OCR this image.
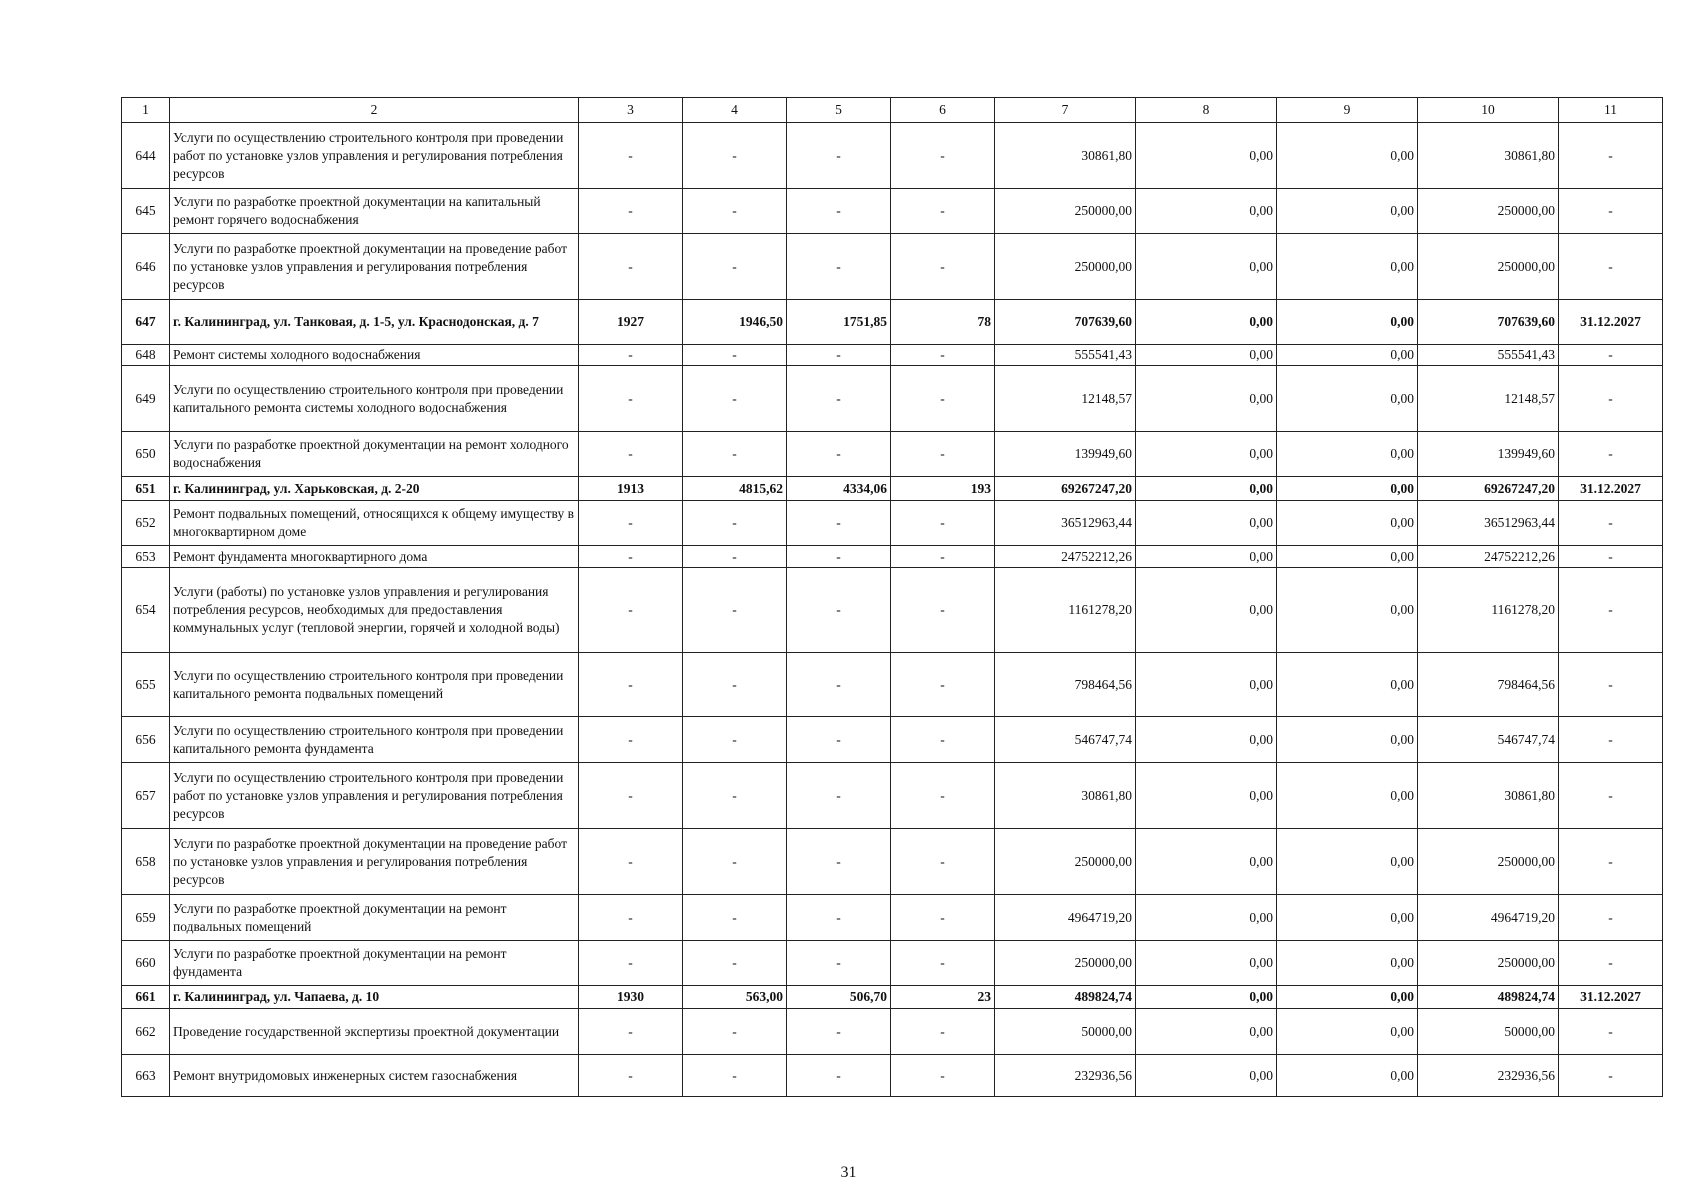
1	2	3	4	5	6	7	8	9	10	11
644	Услуги по осуществлению строительного контроля при проведении работ по установке узлов управления и регулирования потребления ресурсов	-	-	-	-	30861,80	0,00	0,00	30861,80	-
645	Услуги по разработке проектной документации на капитальный ремонт горячего водоснабжения	-	-	-	-	250000,00	0,00	0,00	250000,00	-
646	Услуги по разработке проектной документации на проведение работ по установке узлов управления и регулирования потребления ресурсов	-	-	-	-	250000,00	0,00	0,00	250000,00	-
647	г. Калининград, ул. Танковая, д. 1-5, ул. Краснодонская, д. 7	1927	1946,50	1751,85	78	707639,60	0,00	0,00	707639,60	31.12.2027
648	Ремонт системы холодного водоснабжения	-	-	-	-	555541,43	0,00	0,00	555541,43	-
649	Услуги по осуществлению строительного контроля при проведении капитального ремонта системы холодного водоснабжения	-	-	-	-	12148,57	0,00	0,00	12148,57	-
650	Услуги по разработке проектной документации на ремонт холодного водоснабжения	-	-	-	-	139949,60	0,00	0,00	139949,60	-
651	г. Калининград, ул. Харьковская, д. 2-20	1913	4815,62	4334,06	193	69267247,20	0,00	0,00	69267247,20	31.12.2027
652	Ремонт подвальных помещений, относящихся к общему имуществу в многоквартирном доме	-	-	-	-	36512963,44	0,00	0,00	36512963,44	-
653	Ремонт фундамента многоквартирного дома	-	-	-	-	24752212,26	0,00	0,00	24752212,26	-
654	Услуги (работы) по установке узлов управления и регулирования потребления ресурсов, необходимых для предоставления коммунальных услуг (тепловой энергии, горячей и холодной воды)	-	-	-	-	1161278,20	0,00	0,00	1161278,20	-
655	Услуги по осуществлению строительного контроля при проведении капитального ремонта подвальных помещений	-	-	-	-	798464,56	0,00	0,00	798464,56	-
656	Услуги по осуществлению строительного контроля при проведении капитального ремонта фундамента	-	-	-	-	546747,74	0,00	0,00	546747,74	-
657	Услуги по осуществлению строительного контроля при проведении работ по установке узлов управления и регулирования потребления ресурсов	-	-	-	-	30861,80	0,00	0,00	30861,80	-
658	Услуги по разработке проектной документации на проведение работ по установке узлов управления и регулирования потребления ресурсов	-	-	-	-	250000,00	0,00	0,00	250000,00	-
659	Услуги по разработке проектной документации на ремонт подвальных помещений	-	-	-	-	4964719,20	0,00	0,00	4964719,20	-
660	Услуги по разработке проектной документации на ремонт фундамента	-	-	-	-	250000,00	0,00	0,00	250000,00	-
661	г. Калининград, ул. Чапаева, д. 10	1930	563,00	506,70	23	489824,74	0,00	0,00	489824,74	31.12.2027
662	Проведение государственной экспертизы проектной документации	-	-	-	-	50000,00	0,00	0,00	50000,00	-
663	Ремонт внутридомовых инженерных систем газоснабжения	-	-	-	-	232936,56	0,00	0,00	232936,56	-
31
